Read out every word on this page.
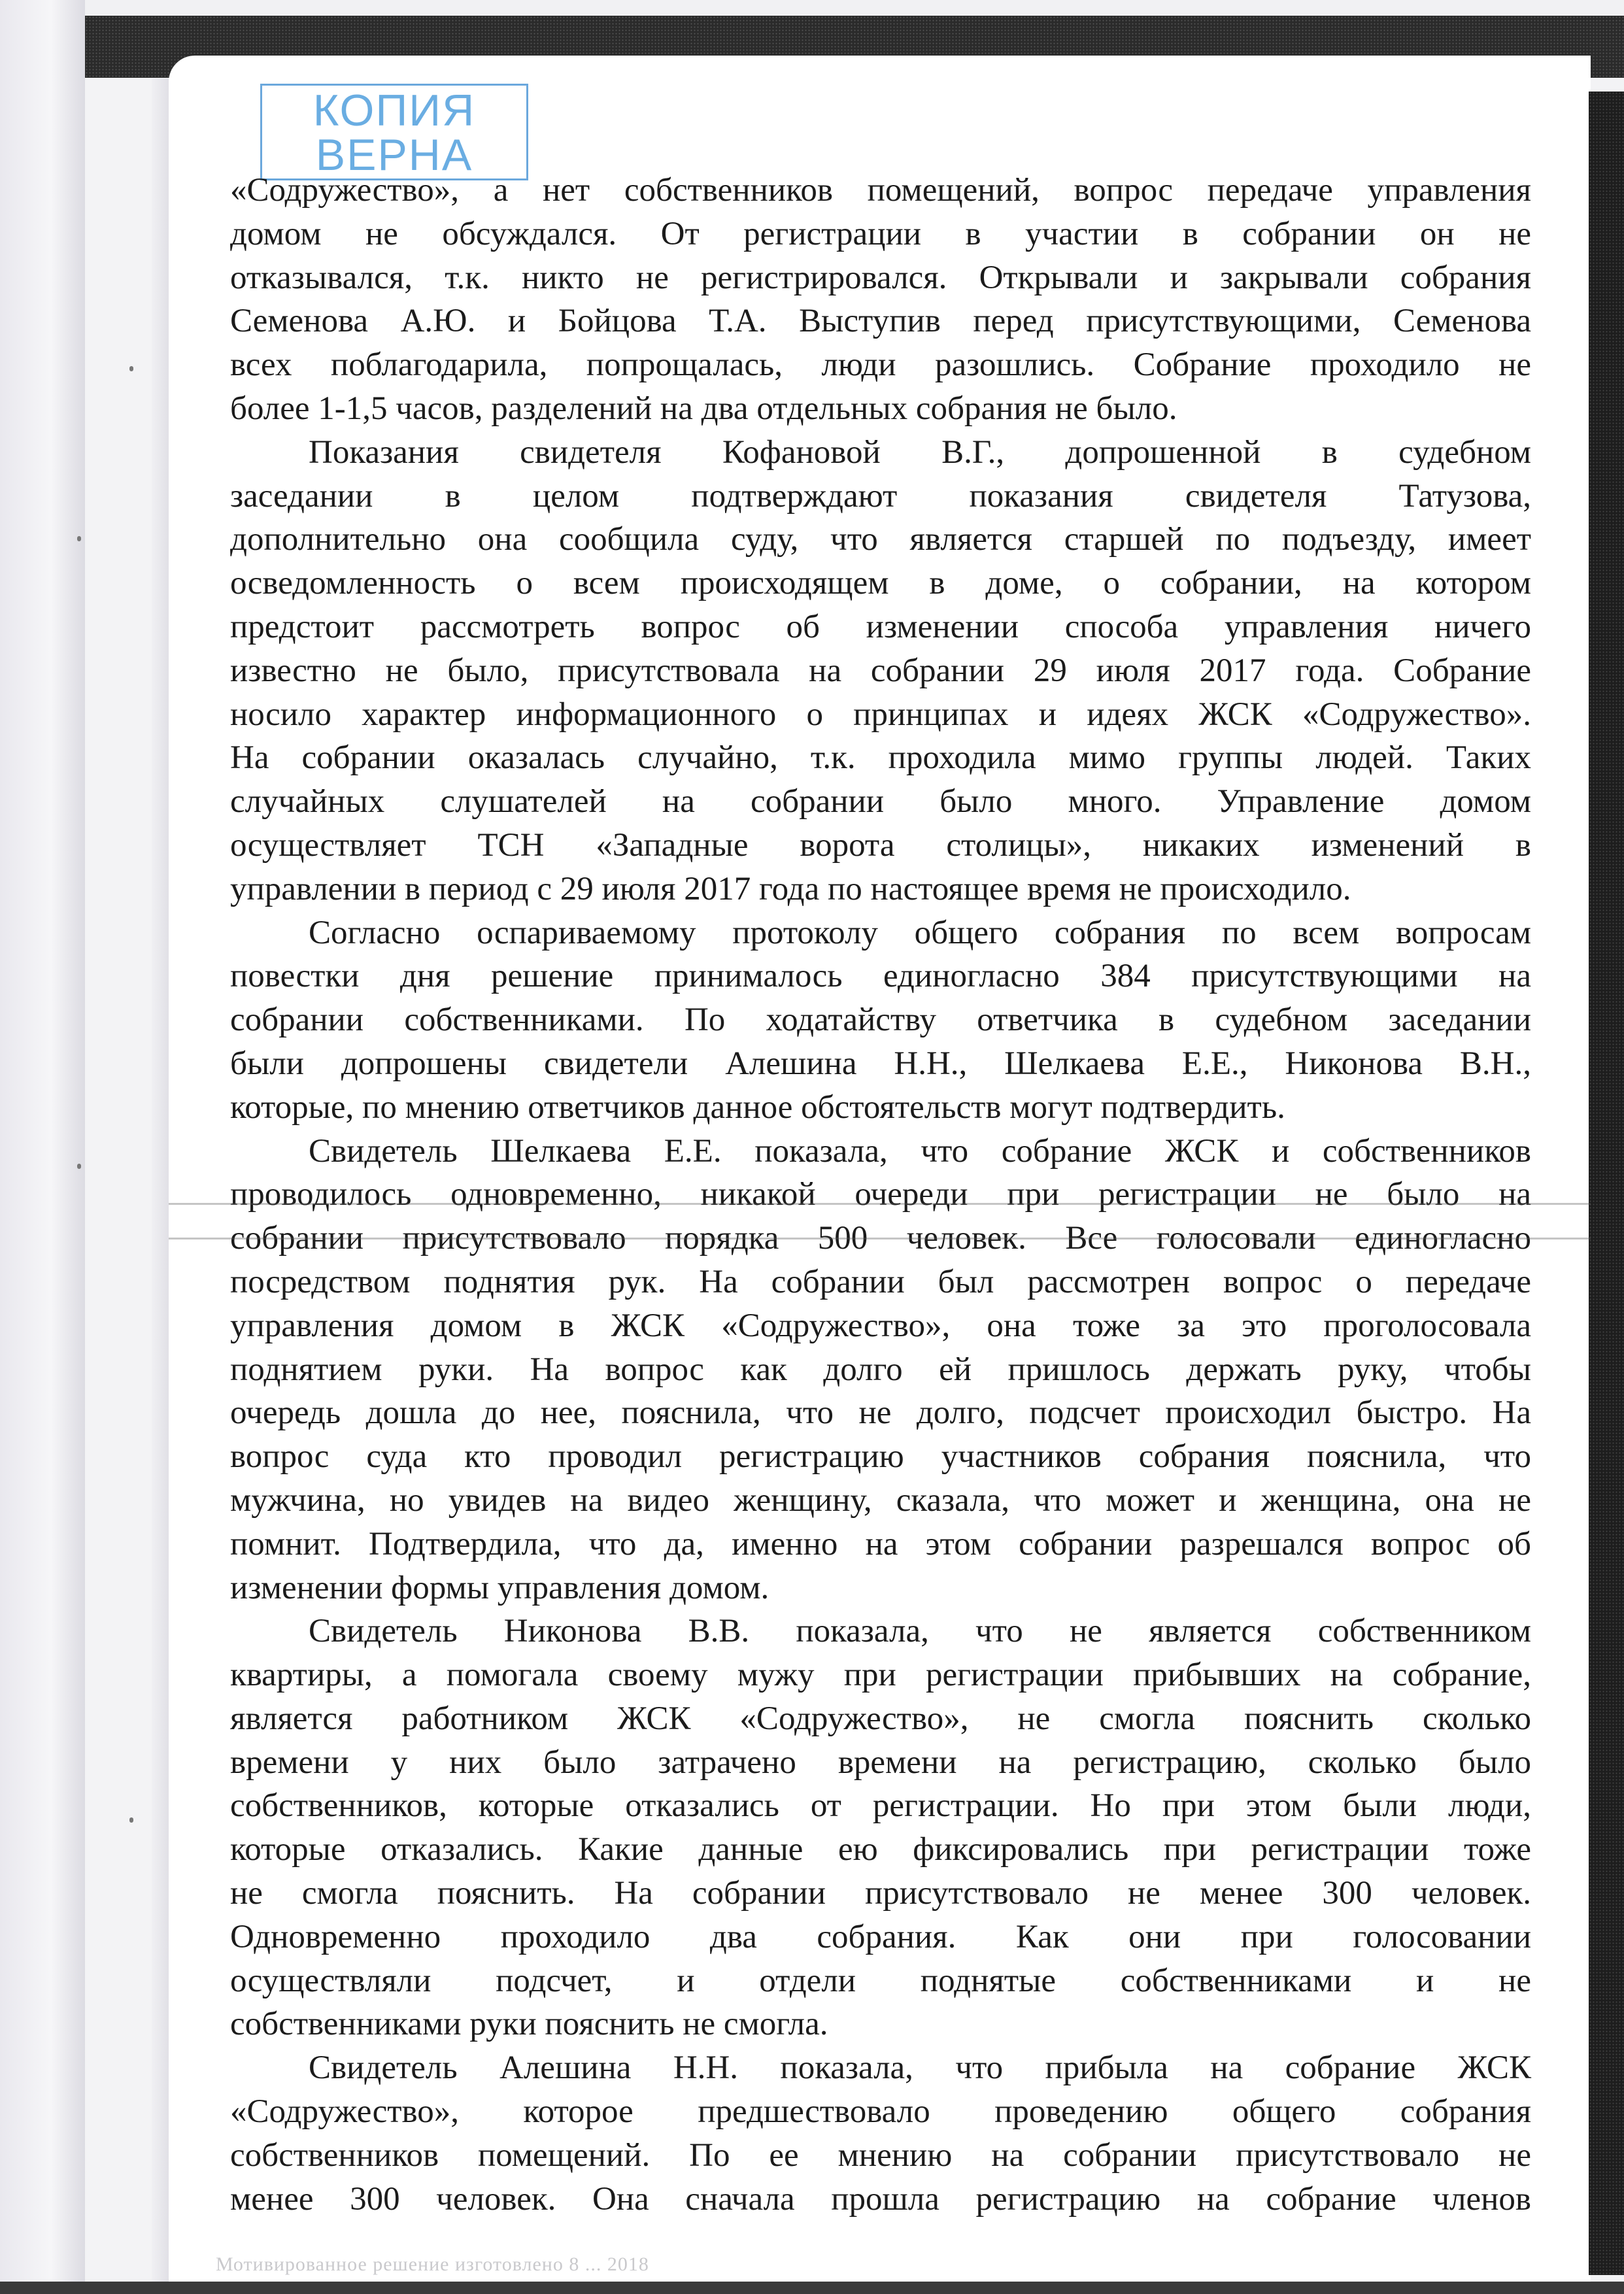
КОПИЯ
ВЕРНА
«Содружество», а нет собственников помещений, вопрос передаче управления
домом не обсуждался. От регистрации в участии в собрании он не
отказывался, т.к. никто не регистрировался. Открывали и закрывали собрания
Семенова А.Ю. и Бойцова Т.А. Выступив перед присутствующими, Семенова
всех поблагодарила, попрощалась, люди разошлись. Собрание проходило не
более 1-1,5 часов, разделений на два отдельных собрания не было.
Показания свидетеля Кофановой В.Г., допрошенной в судебном
заседании в целом подтверждают показания свидетеля Татузова,
дополнительно она сообщила суду, что является старшей по подъезду, имеет
осведомленность о всем происходящем в доме, о собрании, на котором
предстоит рассмотреть вопрос об изменении способа управления ничего
известно не было, присутствовала на собрании 29 июля 2017 года. Собрание
носило характер информационного о принципах и идеях ЖСК «Содружество».
На собрании оказалась случайно, т.к. проходила мимо группы людей. Таких
случайных слушателей на собрании было много. Управление домом
осуществляет ТСН «Западные ворота столицы», никаких изменений в
управлении в период с 29 июля 2017 года по настоящее время не происходило.
Согласно оспариваемому протоколу общего собрания по всем вопросам
повестки дня решение принималось единогласно 384 присутствующими на
собрании собственниками. По ходатайству ответчика в судебном заседании
были допрошены свидетели Алешина Н.Н., Шелкаева Е.Е., Никонова В.Н.,
которые, по мнению ответчиков данное обстоятельств могут подтвердить.
Свидетель Шелкаева Е.Е. показала, что собрание ЖСК и собственников
проводилось одновременно, никакой очереди при регистрации не было на
собрании присутствовало порядка 500 человек. Все голосовали единогласно
посредством поднятия рук. На собрании был рассмотрен вопрос о передаче
управления домом в ЖСК «Содружество», она тоже за это проголосовала
поднятием руки. На вопрос как долго ей пришлось держать руку, чтобы
очередь дошла до нее, пояснила, что не долго, подсчет происходил быстро. На
вопрос суда кто проводил регистрацию участников собрания пояснила, что
мужчина, но увидев на видео женщину, сказала, что может и женщина, она не
помнит. Подтвердила, что да, именно на этом собрании разрешался вопрос об
изменении формы управления домом.
Свидетель Никонова В.В. показала, что не является собственником
квартиры, а помогала своему мужу при регистрации прибывших на собрание,
является работником ЖСК «Содружество», не смогла пояснить сколько
времени у них было затрачено времени на регистрацию, сколько было
собственников, которые отказались от регистрации. Но при этом были люди,
которые отказались. Какие данные ею фиксировались при регистрации тоже
не смогла пояснить. На собрании присутствовало не менее 300 человек.
Одновременно проходило два собрания. Как они при голосовании
осуществляли подсчет, и отдели поднятые собственниками и не
собственниками руки пояснить не смогла.
Свидетель Алешина Н.Н. показала, что прибыла на собрание ЖСК
«Содружество», которое предшествовало проведению общего собрания
собственников помещений. По ее мнению на собрании присутствовало не
менее 300 человек. Она сначала прошла регистрацию на собрание членов
Мотивированное решение изготовлено 8 ... 2018
